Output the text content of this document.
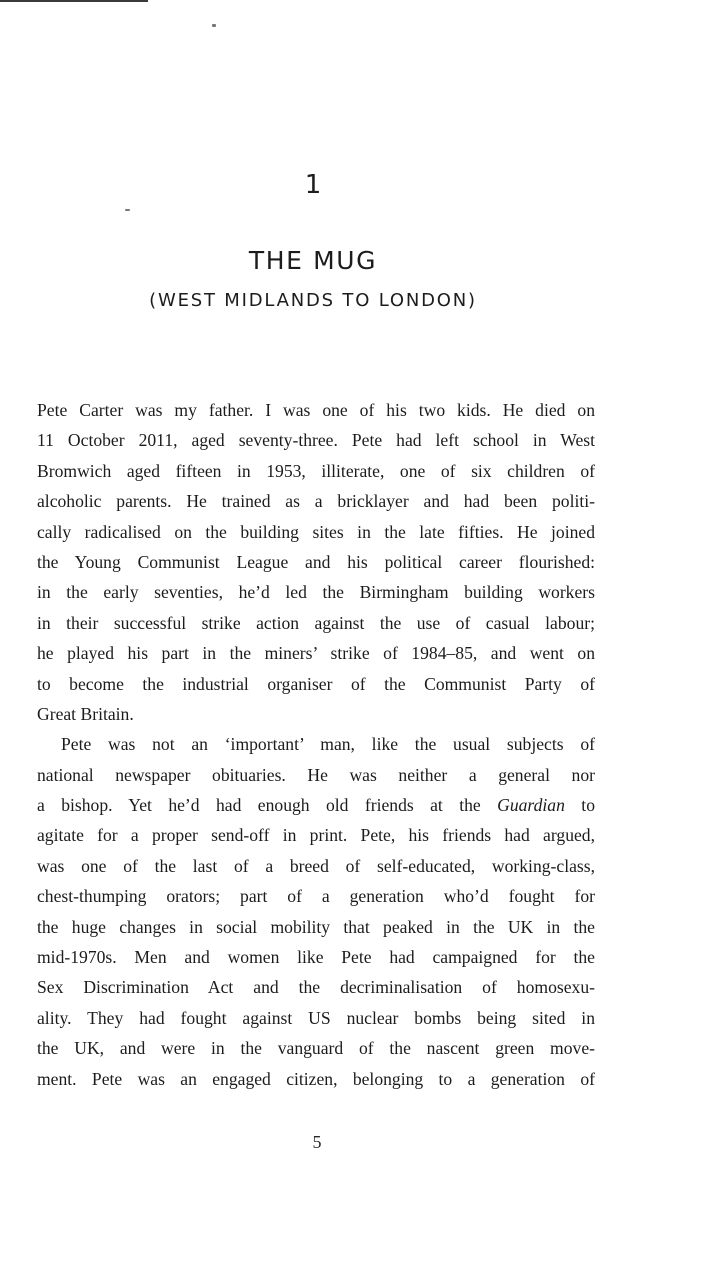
1
THE MUG
(WEST MIDLANDS TO LONDON)
Pete Carter was my father. I was one of his two kids. He died on
11 October 2011, aged seventy-three. Pete had left school in West
Bromwich aged fifteen in 1953, illiterate, one of six children of
alcoholic parents. He trained as a bricklayer and had been politi-
cally radicalised on the building sites in the late fifties. He joined
the Young Communist League and his political career flourished:
in the early seventies, he’d led the Birmingham building workers
in their successful strike action against the use of casual labour;
he played his part in the miners’ strike of 1984–85, and went on
to become the industrial organiser of the Communist Party of
Great Britain.
Pete was not an ‘important’ man, like the usual subjects of
national newspaper obituaries. He was neither a general nor
a bishop. Yet he’d had enough old friends at the Guardian to
agitate for a proper send-off in print. Pete, his friends had argued,
was one of the last of a breed of self-educated, working-class,
chest-thumping orators; part of a generation who’d fought for
the huge changes in social mobility that peaked in the UK in the
mid-1970s. Men and women like Pete had campaigned for the
Sex Discrimination Act and the decriminalisation of homosexu-
ality. They had fought against US nuclear bombs being sited in
the UK, and were in the vanguard of the nascent green move-
ment. Pete was an engaged citizen, belonging to a generation of
5
